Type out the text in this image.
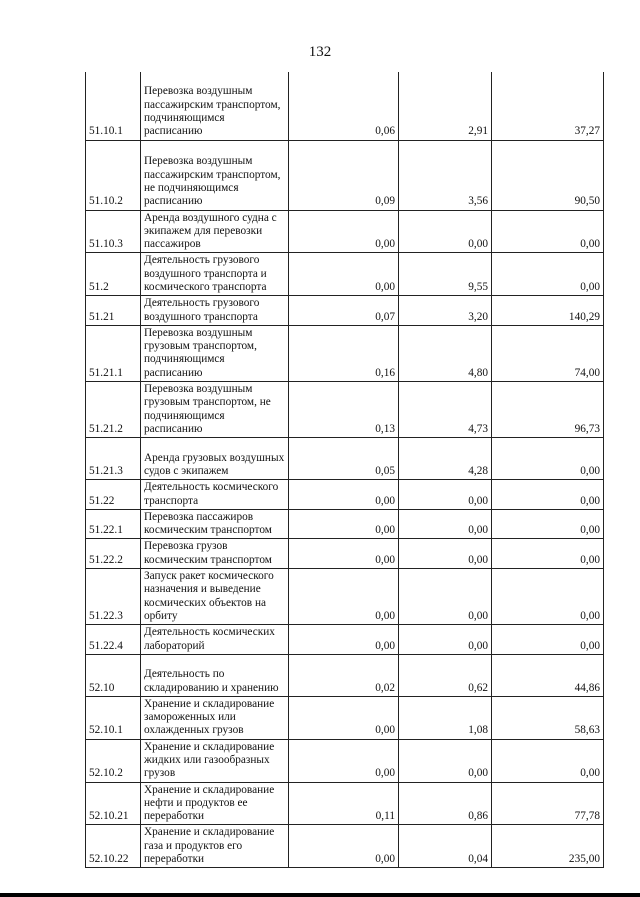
132
51.10.1	Перевозка воздушным пассажирским транспортом, подчиняющимся расписанию	0,06	2,91	37,27
51.10.2	Перевозка воздушным пассажирским транспортом, не подчиняющимся расписанию	0,09	3,56	90,50
51.10.3	Аренда воздушного судна с экипажем для перевозки пассажиров	0,00	0,00	0,00
51.2	Деятельность грузового воздушного транспорта и космического транспорта	0,00	9,55	0,00
51.21	Деятельность грузового воздушного транспорта	0,07	3,20	140,29
51.21.1	Перевозка воздушным грузовым транспортом, подчиняющимся расписанию	0,16	4,80	74,00
51.21.2	Перевозка воздушным грузовым транспортом, не подчиняющимся расписанию	0,13	4,73	96,73
51.21.3	Аренда грузовых воздушных судов с экипажем	0,05	4,28	0,00
51.22	Деятельность космического транспорта	0,00	0,00	0,00
51.22.1	Перевозка пассажиров космическим транспортом	0,00	0,00	0,00
51.22.2	Перевозка грузов космическим транспортом	0,00	0,00	0,00
51.22.3	Запуск ракет космического назначения и выведение космических объектов на орбиту	0,00	0,00	0,00
51.22.4	Деятельность космических лабораторий	0,00	0,00	0,00
52.10	Деятельность по складированию и хранению	0,02	0,62	44,86
52.10.1	Хранение и складирование замороженных или охлажденных грузов	0,00	1,08	58,63
52.10.2	Хранение и складирование жидких или газообразных грузов	0,00	0,00	0,00
52.10.21	Хранение и складирование нефти и продуктов ее переработки	0,11	0,86	77,78
52.10.22	Хранение и складирование газа и продуктов его переработки	0,00	0,04	235,00
